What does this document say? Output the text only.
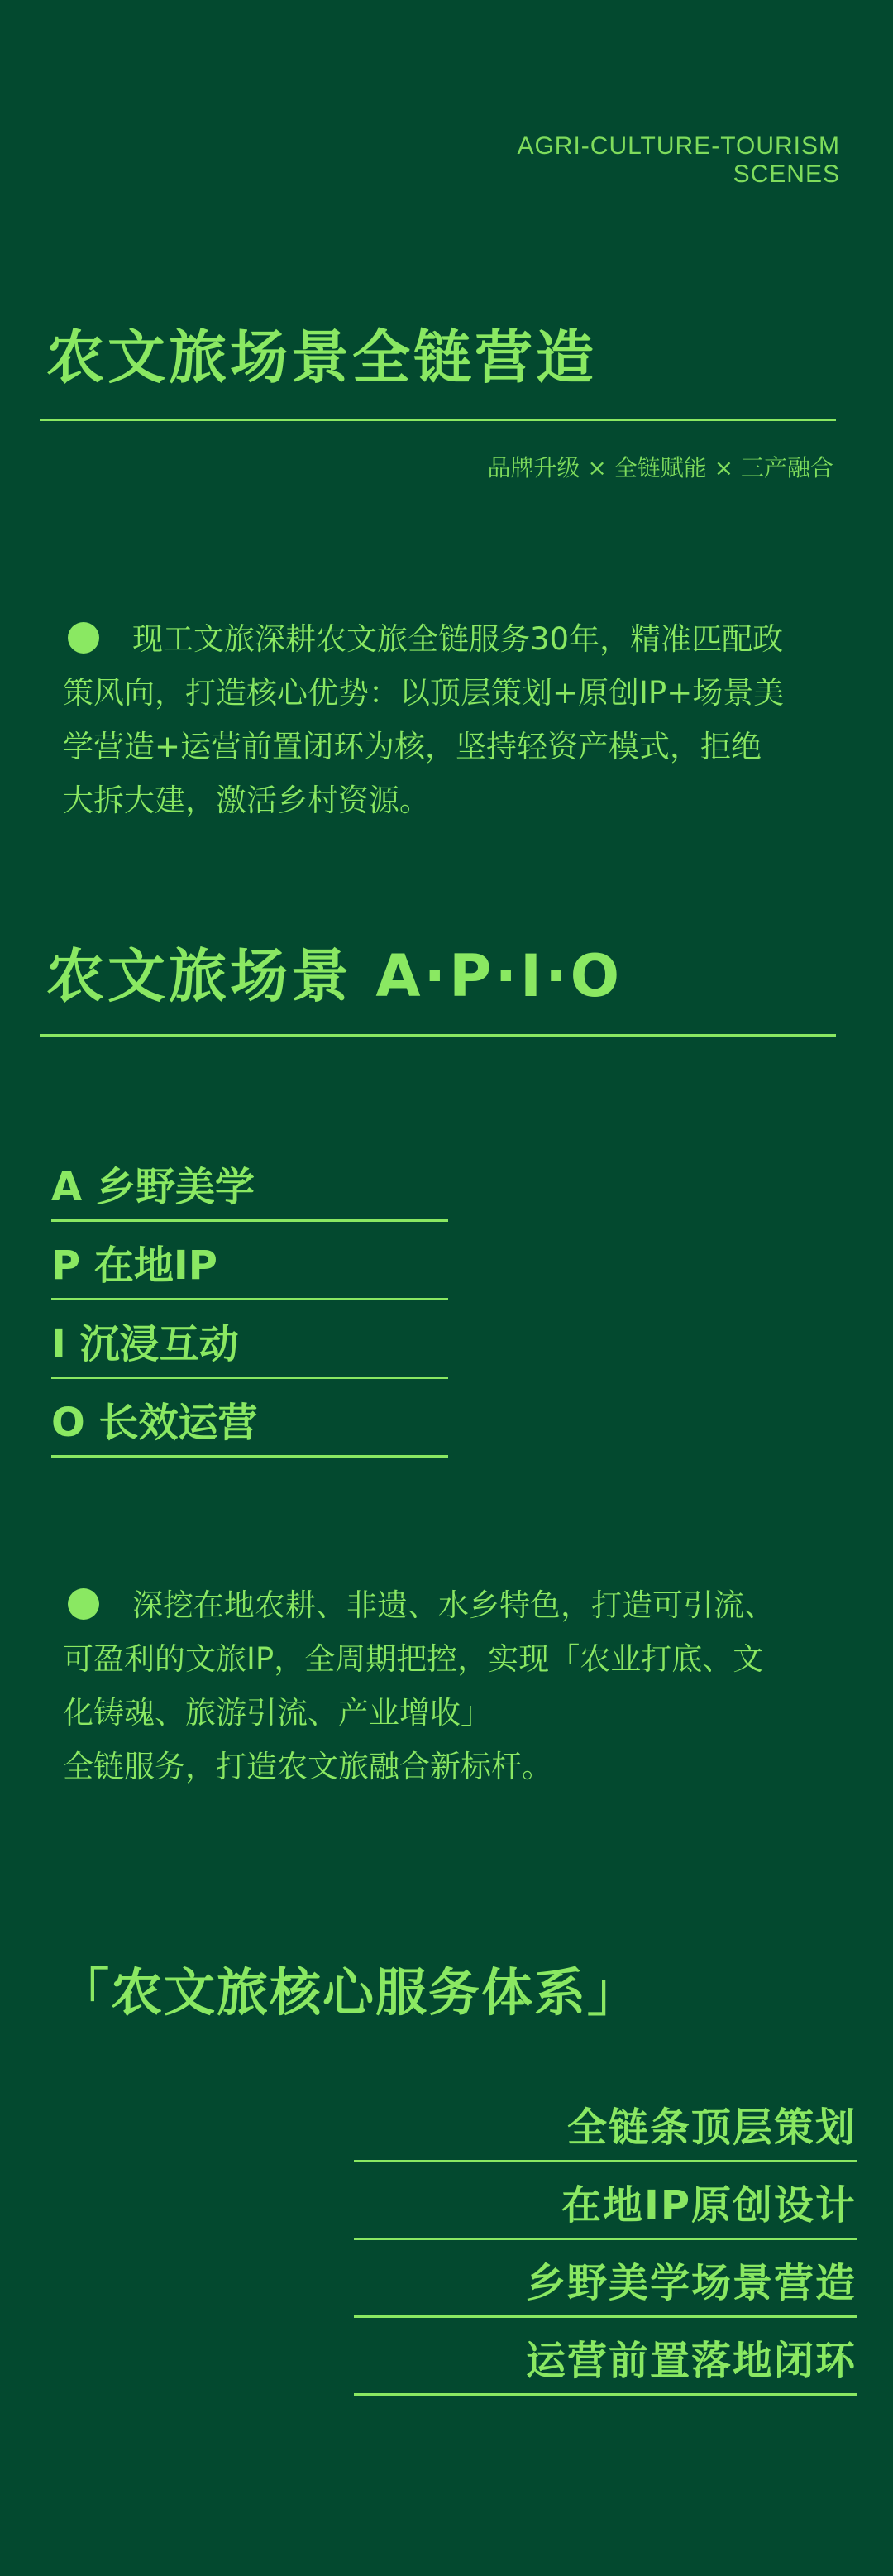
AGRI-CULTURE-TOURISM
SCENES
农文旅场景全链营造
品牌升级 × 全链赋能 × 三产融合
现工文旅深耕农文旅全链服务30年，精准匹配政
策风向，打造核心优势：以顶层策划+原创IP+场景美
学营造+运营前置闭环为核，坚持轻资产模式，拒绝
大拆大建，激活乡村资源。
农文旅场景 A·P·I·O
A 乡野美学
P 在地IP
I 沉浸互动
O 长效运营
深挖在地农耕、非遗、水乡特色，打造可引流、
可盈利的文旅IP，全周期把控，实现「农业打底、文
化铸魂、旅游引流、产业增收」
全链服务，打造农文旅融合新标杆。
「农文旅核心服务体系」
全链条顶层策划
在地IP原创设计
乡野美学场景营造
运营前置落地闭环
